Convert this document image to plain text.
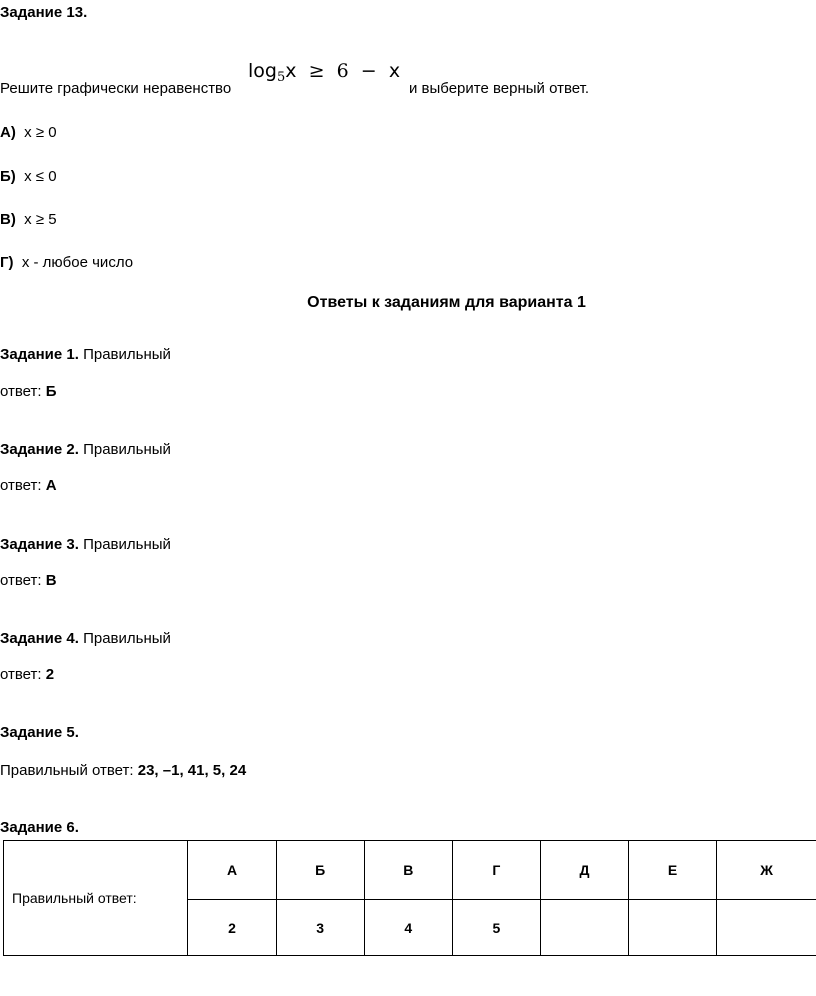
Задание 13.
Решите графически неравенство
$\log_5x \ge 6 - x$
и выберите верный ответ.
А) x ≥ 0
Б) x ≤ 0
В) x ≥ 5
Г) x - любое число
Ответы к заданиям для варианта 1
Задание 1. Правильный
ответ: Б
Задание 2. Правильный
ответ: А
Задание 3. Правильный
ответ: В
Задание 4. Правильный
ответ: 2
Задание 5.
Правильный ответ: 23, –1, 41, 5, 24
Задание 6.
Правильный ответ:	А	Б	В	Г	Д	Е	Ж
	2	3	4	5			
